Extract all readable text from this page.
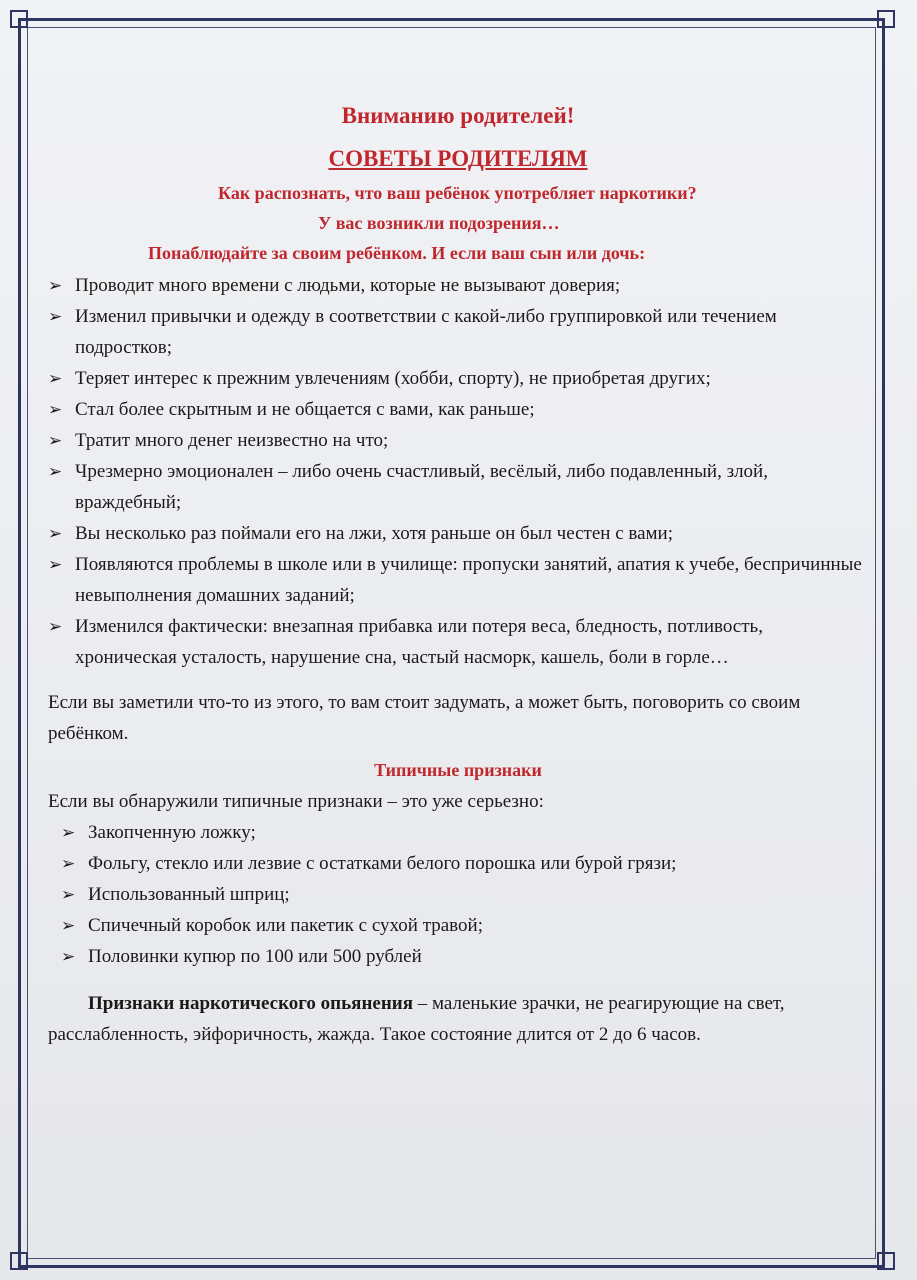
Вниманию родителей!
СОВЕТЫ РОДИТЕЛЯМ
Как распознать, что ваш ребёнок употребляет наркотики?
У вас возникли подозрения…
Понаблюдайте за своим ребёнком. И если ваш сын или дочь:
➢ Проводит много времени с людьми, которые не вызывают доверия;
➢ Изменил привычки и одежду в соответствии с какой-либо группировкой или течением подростков;
➢ Теряет интерес к прежним увлечениям (хобби, спорту), не приобретая других;
➢ Стал более скрытным и не общается с вами, как раньше;
➢ Тратит много денег неизвестно на что;
➢ Чрезмерно эмоционален – либо очень счастливый, весёлый, либо подавленный, злой, враждебный;
➢ Вы несколько раз поймали его на лжи, хотя раньше он был честен с вами;
➢ Появляются проблемы в школе или в училище: пропуски занятий, апатия к учебе, беспричинные невыполнения домашних заданий;
➢ Изменился фактически: внезапная прибавка или потеря веса, бледность, потливость, хроническая усталость, нарушение сна, частый насморк, кашель, боли в горле…
Если вы заметили что-то из этого, то вам стоит задумать, а может быть, поговорить со своим ребёнком.
Типичные признаки
Если вы обнаружили типичные признаки – это уже серьезно:
➢ Закопченную ложку;
➢ Фольгу, стекло или лезвие с остатками белого порошка или бурой грязи;
➢ Использованный шприц;
➢ Спичечный коробок или пакетик с сухой травой;
➢ Половинки купюр по 100 или 500 рублей
Признаки наркотического опьянения – маленькие зрачки, не реагирующие на свет, расслабленность, эйфоричность, жажда. Такое состояние длится от 2 до 6 часов.
